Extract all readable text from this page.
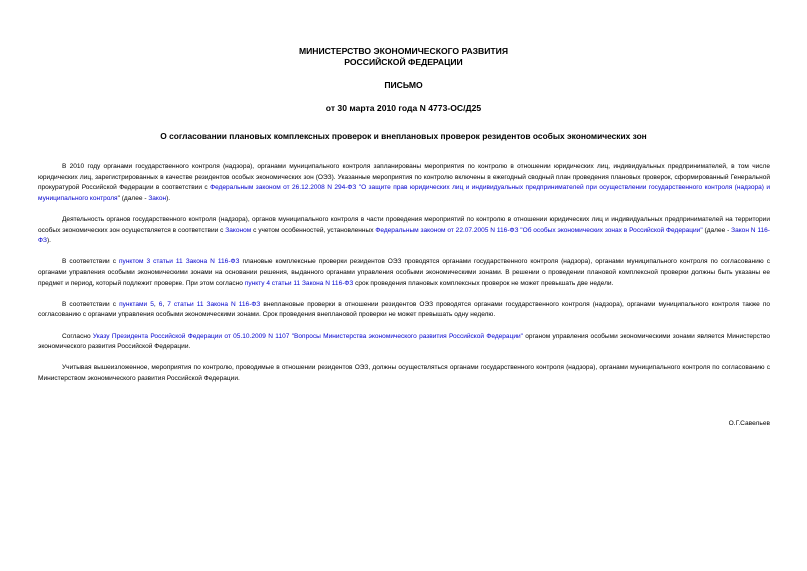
МИНИСТЕРСТВО ЭКОНОМИЧЕСКОГО РАЗВИТИЯ
РОССИЙСКОЙ ФЕДЕРАЦИИ
ПИСЬМО
от 30 марта 2010 года N 4773-ОС/Д25
О согласовании плановых комплексных проверок и внеплановых проверок резидентов особых экономических зон

В 2010 году органами государственного контроля (надзора), органами муниципального контроля запланированы мероприятия по контролю в отношении юридических лиц, индивидуальных предпринимателей, в том числе юридических лиц, зарегистрированных в качестве резидентов особых экономических зон (ОЭЗ). Указанные мероприятия по контролю включены в ежегодный сводный план проведения плановых проверок, сформированный Генеральной прокуратурой Российской Федерации в соответствии с Федеральным законом от 26.12.2008 N 294-ФЗ "О защите прав юридических лиц и индивидуальных предпринимателей при осуществлении государственного контроля (надзора) и муниципального контроля" (далее - Закон).

Деятельность органов государственного контроля (надзора), органов муниципального контроля в части проведения мероприятий по контролю в отношении юридических лиц и индивидуальных предпринимателей на территории особых экономических зон осуществляется в соответствии с Законом с учетом особенностей, установленных Федеральным законом от 22.07.2005 N 116-ФЗ "Об особых экономических зонах в Российской Федерации" (далее - Закон N 116-ФЗ).

В соответствии с пунктом 3 статьи 11 Закона N 116-ФЗ плановые комплексные проверки резидентов ОЭЗ проводятся органами государственного контроля (надзора), органами муниципального контроля по согласованию с органами управления особыми экономическими зонами на основании решения, выданного органами управления особыми экономическими зонами. В решении о проведении плановой комплексной проверки должны быть указаны ее предмет и период, который подлежит проверке. При этом согласно пункту 4 статьи 11 Закона N 116-ФЗ срок проведения плановых комплексных проверок не может превышать две недели.

В соответствии с пунктами 5, 6, 7 статьи 11 Закона N 116-ФЗ внеплановые проверки в отношении резидентов ОЭЗ проводятся органами государственного контроля (надзора), органами муниципального контроля также по согласованию с органами управления особыми экономическими зонами. Срок проведения внеплановой проверки не может превышать одну неделю.

Согласно Указу Президента Российской Федерации от 05.10.2009 N 1107 "Вопросы Министерства экономического развития Российской Федерации" органом управления особыми экономическими зонами является Министерство экономического развития Российской Федерации.

Учитывая вышеизложенное, мероприятия по контролю, проводимые в отношении резидентов ОЭЗ, должны осуществляться органами государственного контроля (надзора), органами муниципального контроля по согласованию с Министерством экономического развития Российской Федерации.

О.Г.Савельев
